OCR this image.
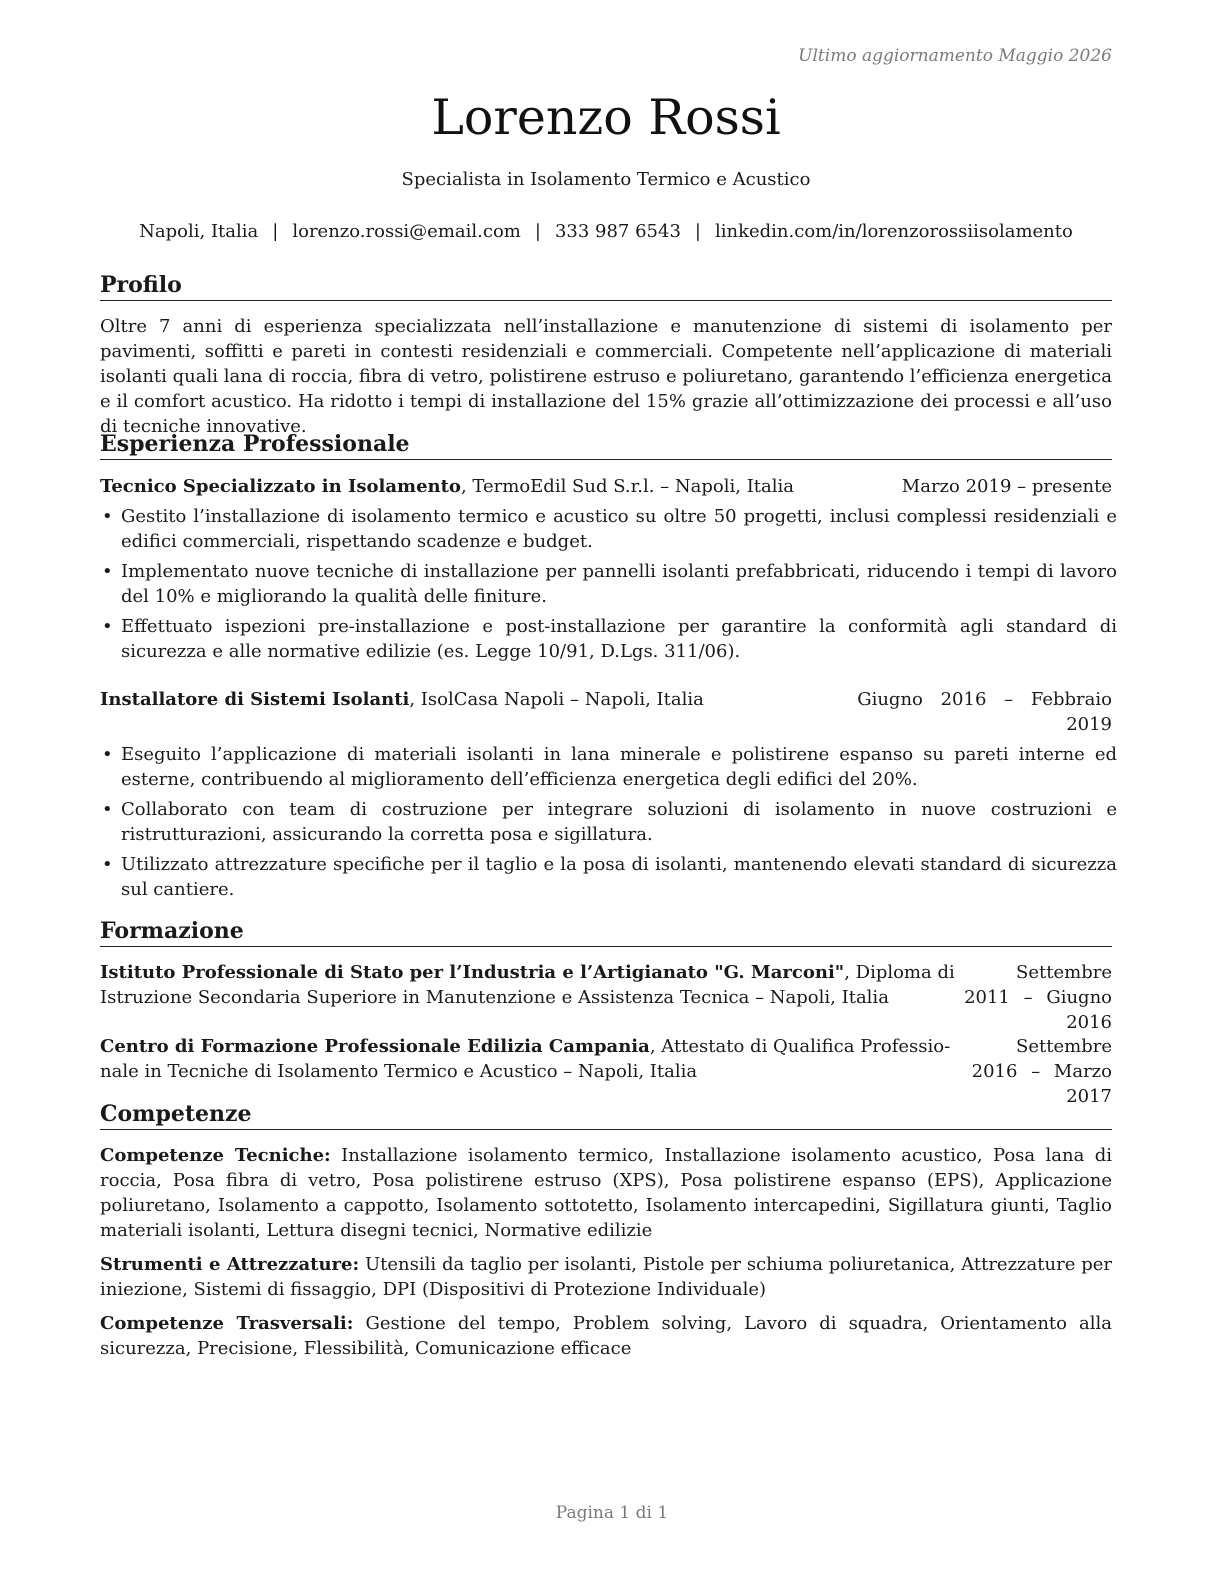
Ultimo aggiornamento Maggio 2026
Lorenzo Rossi
Specialista in Isolamento Termico e Acustico
Napoli, Italia | lorenzo.rossi@email.com | 333 987 6543 | linkedin.com/in/lorenzorossiisolamento
Profilo
Oltre 7 anni di esperienza specializzata nell’installazione e manutenzione di sistemi di isolamento per pavimenti, soffitti e pareti in contesti residenziali e commerciali. Competente nell’applicazione di materiali isolanti quali lana di roccia, fibra di vetro, polistirene estruso e poliuretano, garantendo l’efficienza energetica e il comfort acustico. Ha ridotto i tempi di installazione del 15% grazie all’ottimizzazione dei processi e all’uso di tecniche innovative.
Esperienza Professionale
Tecnico Specializzato in Isolamento, TermoEdil Sud S.r.l. – Napoli, Italia	Marzo 2019 – presente
• Gestito l’installazione di isolamento termico e acustico su oltre 50 progetti, inclusi complessi residenziali e edifici commerciali, rispettando scadenze e budget.
• Implementato nuove tecniche di installazione per pannelli isolanti prefabbricati, riducendo i tempi di lavoro del 10% e migliorando la qualità delle finiture.
• Effettuato ispezioni pre-installazione e post-installazione per garantire la conformità agli standard di sicurezza e alle normative edilizie (es. Legge 10/91, D.Lgs. 311/06).
Installatore di Sistemi Isolanti, IsolCasa Napoli – Napoli, Italia	Giugno 2016 – Febbraio
2019
• Eseguito l’applicazione di materiali isolanti in lana minerale e polistirene espanso su pareti interne ed esterne, contribuendo al miglioramento dell’efficienza energetica degli edifici del 20%.
• Collaborato con team di costruzione per integrare soluzioni di isolamento in nuove costruzioni e ristrutturazioni, assicurando la corretta posa e sigillatura.
• Utilizzato attrezzature specifiche per il taglio e la posa di isolanti, mantenendo elevati standard di sicurezza sul cantiere.
Formazione
Istituto Professionale di Stato per l’Industria e l’Artigianato "G. Marconi", Diploma di
Istruzione Secondaria Superiore in Manutenzione e Assistenza Tecnica – Napoli, Italia
Settembre 2011 – Giugno
2016
Centro di Formazione Professionale Edilizia Campania, Attestato di Qualifica Professio-
nale in Tecniche di Isolamento Termico e Acustico – Napoli, Italia
Settembre 2016 – Marzo
2017
Competenze

Competenze Tecniche: Installazione isolamento termico, Installazione isolamento acustico, Posa lana di roccia, Posa fibra di vetro, Posa polistirene estruso (XPS), Posa polistirene espanso (EPS), Applicazione poliuretano, Isolamento a cappotto, Isolamento sottotetto, Isolamento intercapedini, Sigillatura giunti, Taglio materiali isolanti, Lettura disegni tecnici, Normative edilizie

Strumenti e Attrezzature: Utensili da taglio per isolanti, Pistole per schiuma poliuretanica, Attrezzature per iniezione, Sistemi di fissaggio, DPI (Dispositivi di Protezione Individuale)

Competenze Trasversali: Gestione del tempo, Problem solving, Lavoro di squadra, Orientamento alla sicurezza, Precisione, Flessibilità, Comunicazione efficace

Pagina 1 di 1
